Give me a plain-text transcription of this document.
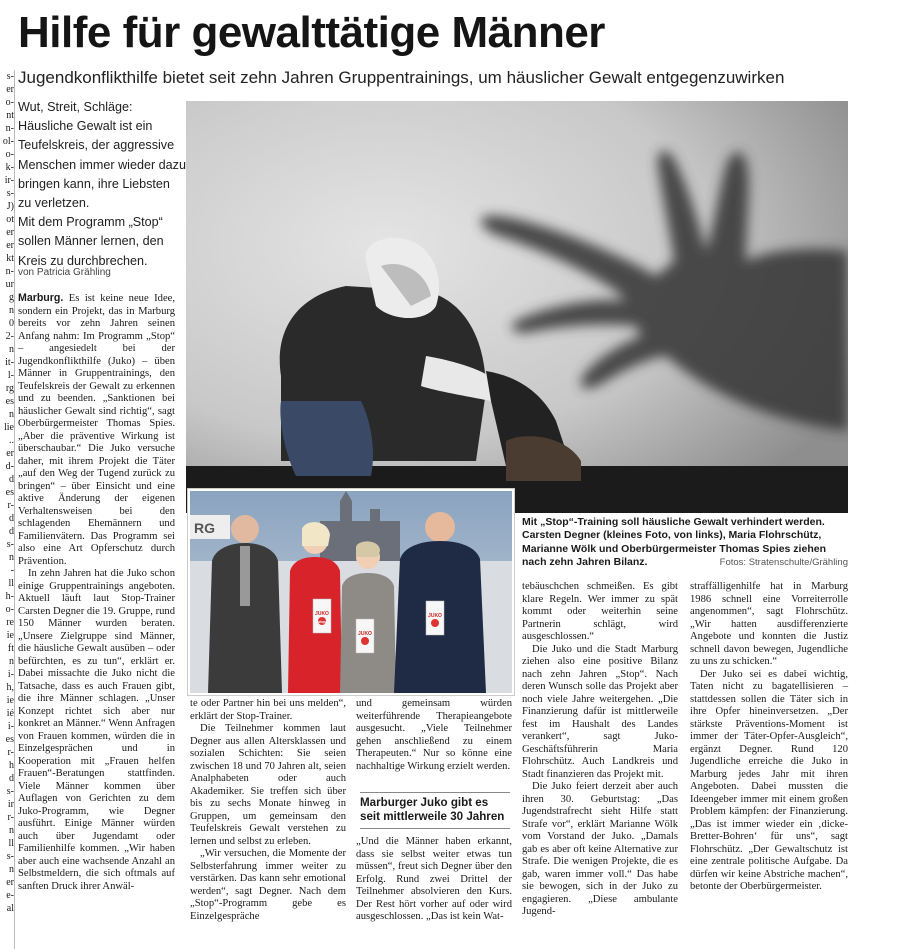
s-
er
o-
nt
n-
ol-
o-
k-
ir-
s-
J)
ot
er
er
kt
n-
ur
g
n
0
2-
n
it-
l-
rg
es
n
lie
..
er
d-
d
es
r-
d
d
s-
n
-
ll
h-
o-
re
ie
ft
n
i-
h,
ie
ié
i-
es
r-
h
d
s-
ir
r-
n
ll
s-
n
er
e-
al
Hilfe für gewalttätige Männer
Jugendkonflikthilfe bietet seit zehn Jahren Gruppentrainings, um häuslicher Gewalt entgegenzuwirken

Wut, Streit, Schläge: Häusliche Gewalt ist ein Teufelskreis, der aggressive Menschen immer wieder dazu bringen kann, ihre Liebsten zu verletzen.

Mit dem Programm „Stop“ sollen Männer lernen, den Kreis zu durchbrechen.

von Patricia Grähling

Marburg. Es ist keine neue Idee, sondern ein Projekt, das in Marburg bereits vor zehn Jahren seinen Anfang nahm: Im Programm „Stop“ – angesiedelt bei der Jugendkonflikthilfe (Juko) – üben Männer in Gruppentrainings, den Teufelskreis der Gewalt zu erkennen und zu beenden. „Sanktionen bei häuslicher Gewalt sind richtig“, sagt Oberbürgermeister Thomas Spies. „Aber die präventive Wirkung ist überschaubar.“ Die Juko versuche daher, mit ihrem Projekt die Täter „auf den Weg der Tugend zurück zu bringen“ – über Einsicht und eine aktive Änderung der eigenen Verhaltensweisen bei den schlagenden Ehemännern und Familienvätern. Das Programm sei also eine Art Opferschutz durch Prävention.

In zehn Jahren hat die Juko schon einige Gruppentrainings angeboten. Aktuell läuft laut Stop-Trainer Carsten Degner die 19. Gruppe, rund 150 Männer wurden beraten. „Unsere Zielgruppe sind Männer, die häusliche Gewalt ausüben – oder befürchten, es zu tun“, erklärt er. Dabei missachte die Juko nicht die Tatsache, dass es auch Frauen gibt, die ihre Männer schlagen. „Unser Konzept richtet sich aber nur konkret an Männer.“ Wenn Anfragen von Frauen kommen, würden die in Einzelgesprächen und in Kooperation mit „Frauen helfen Frauen“-Beratungen stattfinden. Viele Männer kommen über Auflagen von Gerichten zu dem Juko-Programm, wie Degner ausführt. Einige Männer würden auch über Jugendamt oder Familienhilfe kommen. „Wir haben aber auch eine wachsende Anzahl an Selbstmeldern, die sich oftmals auf sanften Druck ihrer Anwäl-

RG
JUKO
stop
JUKO
JUKO

te oder Partner hin bei uns melden“, erklärt der Stop-Trainer.

Die Teilnehmer kommen laut Degner aus allen Altersklassen und sozialen Schichten: Sie seien zwischen 18 und 70 Jahren alt, seien Analphabeten oder auch Akademiker. Sie treffen sich über bis zu sechs Monate hinweg in Gruppen, um gemeinsam den Teufelskreis Gewalt verstehen zu lernen und selbst zu erleben.

„Wir versuchen, die Momente der Selbsterfahrung immer weiter zu verstärken. Das kann sehr emotional werden“, sagt Degner. Nach dem „Stop“-Programm gebe es Einzelgespräche

und gemeinsam würden weiterführende Therapieangebote ausgesucht. „Viele Teilnehmer gehen anschließend zu einem Therapeuten.“ Nur so könne eine nachhaltige Wirkung erzielt werden.

Marburger Juko gibt es seit mittlerweile 30 Jahren

„Und die Männer haben erkannt, dass sie selbst weiter etwas tun müssen“, freut sich Degner über den Erfolg. Rund zwei Drittel der Teilnehmer absolvieren den Kurs. Der Rest hört vorher auf oder wird ausgeschlossen. „Das ist kein Wat-

Mit „Stop“-Training soll häusliche Gewalt verhindert werden. Carsten Degner (kleines Foto, von links), Maria Flohrschütz, Marianne Wölk und Oberbürgermeister Thomas Spies ziehen nach zehn Jahren Bilanz.	Fotos: Stratenschulte/Grähling

tebäuschchen schmeißen. Es gibt klare Regeln. Wer immer zu spät kommt oder weiterhin seine Partnerin schlägt, wird ausgeschlossen.“

Die Juko und die Stadt Marburg ziehen also eine positive Bilanz nach zehn Jahren „Stop“. Nach deren Wunsch solle das Projekt aber noch viele Jahre weitergehen. „Die Finanzierung dafür ist mittlerweile fest im Haushalt des Landes verankert“, sagt Juko-Geschäftsführerin Maria Flohrschütz. Auch Landkreis und Stadt finanzieren das Projekt mit.

Die Juko feiert derzeit aber auch ihren 30. Geburtstag: „Das Jugendstrafrecht sieht Hilfe statt Strafe vor“, erklärt Marianne Wölk vom Vorstand der Juko. „Damals gab es aber oft keine Alternative zur Strafe. Die wenigen Projekte, die es gab, waren immer voll.“ Das habe sie bewogen, sich in der Juko zu engagieren. „Diese ambulante Jugend-

straffälligenhilfe hat in Marburg 1986 schnell eine Vorreiterrolle angenommen“, sagt Flohrschütz. „Wir hatten ausdifferenzierte Angebote und konnten die Justiz schnell davon bewegen, Jugendliche zu uns zu schicken.“

Der Juko sei es dabei wichtig, Taten nicht zu bagatellisieren – stattdessen sollen die Täter sich in ihre Opfer hineinversetzen. „Der stärkste Präventions-Moment ist immer der Täter-Opfer-Ausgleich“, ergänzt Degner. Rund 120 Jugendliche erreiche die Juko in Marburg jedes Jahr mit ihren Angeboten. Dabei mussten die Ideengeber immer mit einem großen Problem kämpfen: der Finanzierung. „Das ist immer wieder ein ‚dicke-Bretter-Bohren‘ für uns“, sagt Flohrschütz. „Der Gewaltschutz ist eine zentrale politische Aufgabe. Da dürfen wir keine Abstriche machen“, betonte der Oberbürgermeister.
